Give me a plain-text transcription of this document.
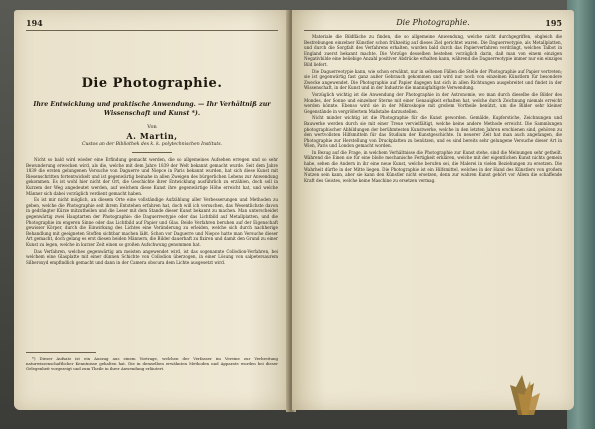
194
Die Photographie.
Ihre Entwicklung und praktische Anwendung. — Ihr Verhältniß zur
Wissenschaft und Kunst *).
Von
A. Martin,
Custos an der Bibliothek des k. k. polytechnischen Instituts.

Nicht so bald wird wieder eine Erfindung gemacht werden, die so allgemeines Aufsehen erregen und so sehr Bewunderung erwecken wird, als die, welche mit dem Jahre 1839 der Welt bekannt gemacht wurde. Seit dem Jahre 1839 die ersten gelungenen Versuche von Daguerre und Niepce in Paris bekannt wurden, hat sich diese Kunst mit Riesenschritten fortentwickelt und ist gegenwärtig beinahe in allen Zweigen des bürgerlichen Lebens zur Anwendung gekommen. Es ist wohl hier nicht der Ort, die Geschichte ihrer Entwicklung ausführlich zu erzählen, doch soll in Kurzem der Weg angedeutet werden, auf welchem diese Kunst ihre gegenwärtige Höhe erreicht hat, und welche Männer sich dabei vorzüglich verdient gemacht haben.

Es ist mir nicht möglich, an diesem Orte eine vollständige Aufzählung aller Verbesserungen und Methoden zu geben, welche die Photographie seit ihrem Entstehen erfahren hat, doch will ich versuchen, das Wesentlichste davon in gedrängter Kürze mitzutheilen und die Leser mit dem Stande dieser Kunst bekannt zu machen. Man unterscheidet gegenwärtig zwei Hauptarten der Photographie: die Daguerreotypie oder das Lichtbild auf Metallplatten, und die Photographie im engeren Sinne oder das Lichtbild auf Papier und Glas. Beide Verfahren beruhen auf der Eigenschaft gewisser Körper, durch die Einwirkung des Lichtes eine Veränderung zu erleiden, welche sich durch nachherige Behandlung mit geeigneten Stoffen sichtbar machen läßt. Schon vor Daguerre und Niepce hatte man Versuche dieser Art gemacht, doch gelang es erst diesen beiden Männern, die Bilder dauerhaft zu fixiren und damit den Grund zu einer Kunst zu legen, welche in kurzer Zeit einen so großen Aufschwung genommen hat.

Das Verfahren, welches gegenwärtig am meisten angewendet wird, ist das sogenannte Collodion-Verfahren, bei welchem eine Glasplatte mit einer dünnen Schichte von Collodion überzogen, in einer Lösung von salpetersaurem Silberoxyd empfindlich gemacht und dann in der Camera obscura dem Lichte ausgesetzt wird.

*) Dieser Aufsatz ist ein Auszug aus einem Vortrage, welchen der Verfasser im Vereine zur Verbreitung naturwissenschaftlicher Kenntnisse gehalten hat. Die in demselben erwähnten Methoden und Apparate wurden bei dieser Gelegenheit vorgezeigt und zum Theile in ihrer Anwendung erläutert.

Die Photographie.	195

Materiale die Bildfläche zu finden, die so allgemeine Anwendung, welche nicht durchgegriffen, obgleich die Bestrebungen einzelner Künstler schon frühzeitig auf dieses Ziel gerichtet waren. Die Daguerreotypie, als Metallplatten, und durch die Sorgfalt des Verfahrens erhalten, wurden bald durch das Papierverfahren verdrängt, welches Talbot in England zuerst bekannt machte. Die Vorzüge desselben bestehen vorzüglich darin, daß man von einem einzigen Negativbilde eine beliebige Anzahl positiver Abdrücke erhalten kann, während die Daguerreotypie immer nur ein einziges Bild liefert.

Die Daguerreotypie kann, wie schon erwähnt, nur in seltenen Fällen die Stelle der Photographie auf Papier vertreten; sie ist gegenwärtig fast ganz außer Gebrauch gekommen und wird nur noch von einzelnen Künstlern für besondere Zwecke angewendet. Die Photographie auf Papier dagegen hat sich in allen Richtungen ausgebreitet und findet in der Wissenschaft, in der Kunst und in der Industrie die mannigfaltigste Verwendung.

Vorzüglich wichtig ist die Anwendung der Photographie in der Astronomie, wo man durch dieselbe die Bilder des Mondes, der Sonne und einzelner Sterne mit einer Genauigkeit erhalten hat, welche durch Zeichnung niemals erreicht werden könnte. Ebenso wird sie in der Mikroskopie mit großem Vortheile benützt, um die Bilder sehr kleiner Gegenstände in vergrößertem Maßstabe darzustellen.

Nicht minder wichtig ist die Photographie für die Kunst geworden. Gemälde, Kupferstiche, Zeichnungen und Bauwerke werden durch sie mit einer Treue vervielfältigt, welche keine andere Methode erreicht. Die Sammlungen photographischer Abbildungen der berühmtesten Kunstwerke, welche in den letzten Jahren erschienen sind, gehören zu den wertvollsten Hilfsmitteln für das Studium der Kunstgeschichte. In neuerer Zeit hat man auch angefangen, die Photographie zur Herstellung von Druckplatten zu benützen, und es sind bereits sehr gelungene Versuche dieser Art in Wien, Paris und London gemacht worden.

In Bezug auf die Frage, in welchem Verhältnisse die Photographie zur Kunst stehe, sind die Meinungen sehr getheilt. Während die Einen sie für eine bloße mechanische Fertigkeit erklären, welche mit der eigentlichen Kunst nichts gemein habe, sehen die Andern in ihr eine neue Kunst, welche berufen sei, die Malerei in vielen Beziehungen zu ersetzen. Die Wahrheit dürfte in der Mitte liegen. Die Photographie ist ein Hilfsmittel, welches in der Hand des Künstlers von großem Nutzen sein kann, aber sie kann den Künstler nicht ersetzen, denn zur wahren Kunst gehört vor Allem die schaffende Kraft des Geistes, welche keine Maschine zu ersetzen vermag.
